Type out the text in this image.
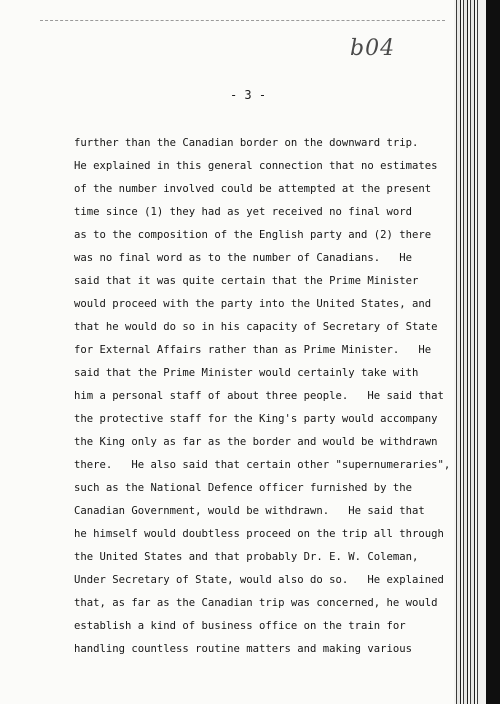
b04
- 3 -
further than the Canadian border on the downward trip.
He explained in this general connection that no estimates
of the number involved could be attempted at the present
time since (1) they had as yet received no final word
as to the composition of the English party and (2) there
was no final word as to the number of Canadians.   He
said that it was quite certain that the Prime Minister
would proceed with the party into the United States, and
that he would do so in his capacity of Secretary of State
for External Affairs rather than as Prime Minister.   He
said that the Prime Minister would certainly take with
him a personal staff of about three people.   He said that
the protective staff for the King's party would accompany
the King only as far as the border and would be withdrawn
there.   He also said that certain other "supernumeraries",
such as the National Defence officer furnished by the
Canadian Government, would be withdrawn.   He said that
he himself would doubtless proceed on the trip all through
the United States and that probably Dr. E. W. Coleman,
Under Secretary of State, would also do so.   He explained
that, as far as the Canadian trip was concerned, he would
establish a kind of business office on the train for
handling countless routine matters and making various
